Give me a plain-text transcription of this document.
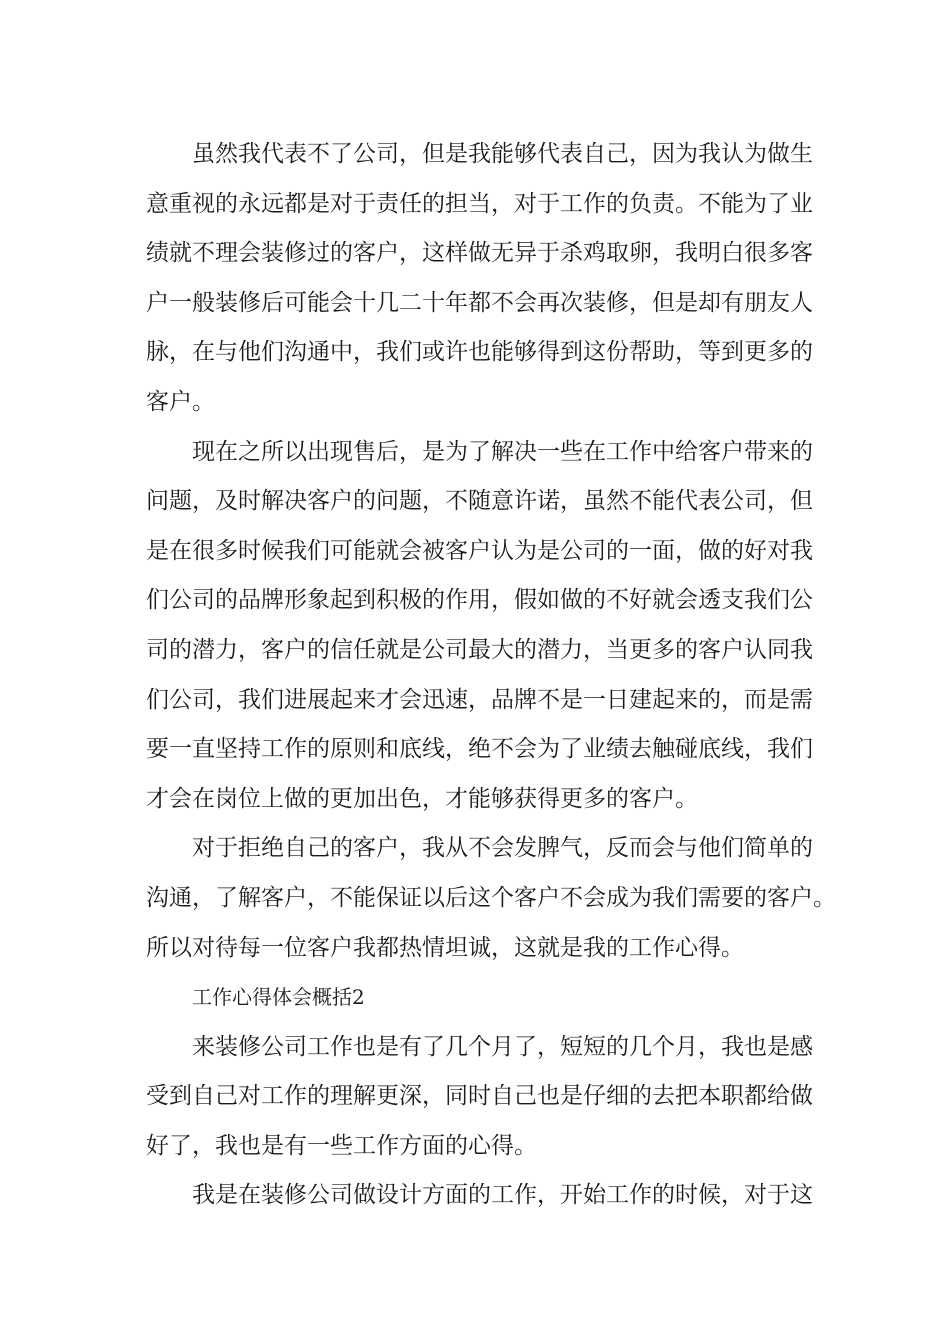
虽然我代表不了公司，但是我能够代表自己，因为我认为做生
意重视的永远都是对于责任的担当，对于工作的负责。不能为了业
绩就不理会装修过的客户，这样做无异于杀鸡取卵，我明白很多客
户一般装修后可能会十几二十年都不会再次装修，但是却有朋友人
脉，在与他们沟通中，我们或许也能够得到这份帮助，等到更多的
客户。
现在之所以出现售后，是为了解决一些在工作中给客户带来的
问题，及时解决客户的问题，不随意许诺，虽然不能代表公司，但
是在很多时候我们可能就会被客户认为是公司的一面，做的好对我
们公司的品牌形象起到积极的作用，假如做的不好就会透支我们公
司的潜力，客户的信任就是公司最大的潜力，当更多的客户认同我
们公司，我们进展起来才会迅速，品牌不是一日建起来的，而是需
要一直坚持工作的原则和底线，绝不会为了业绩去触碰底线，我们
才会在岗位上做的更加出色，才能够获得更多的客户。
对于拒绝自己的客户，我从不会发脾气，反而会与他们简单的
沟通，了解客户，不能保证以后这个客户不会成为我们需要的客户。
所以对待每一位客户我都热情坦诚，这就是我的工作心得。
工作心得体会概括2
来装修公司工作也是有了几个月了，短短的几个月，我也是感
受到自己对工作的理解更深，同时自己也是仔细的去把本职都给做
好了，我也是有一些工作方面的心得。
我是在装修公司做设计方面的工作，开始工作的时候，对于这
